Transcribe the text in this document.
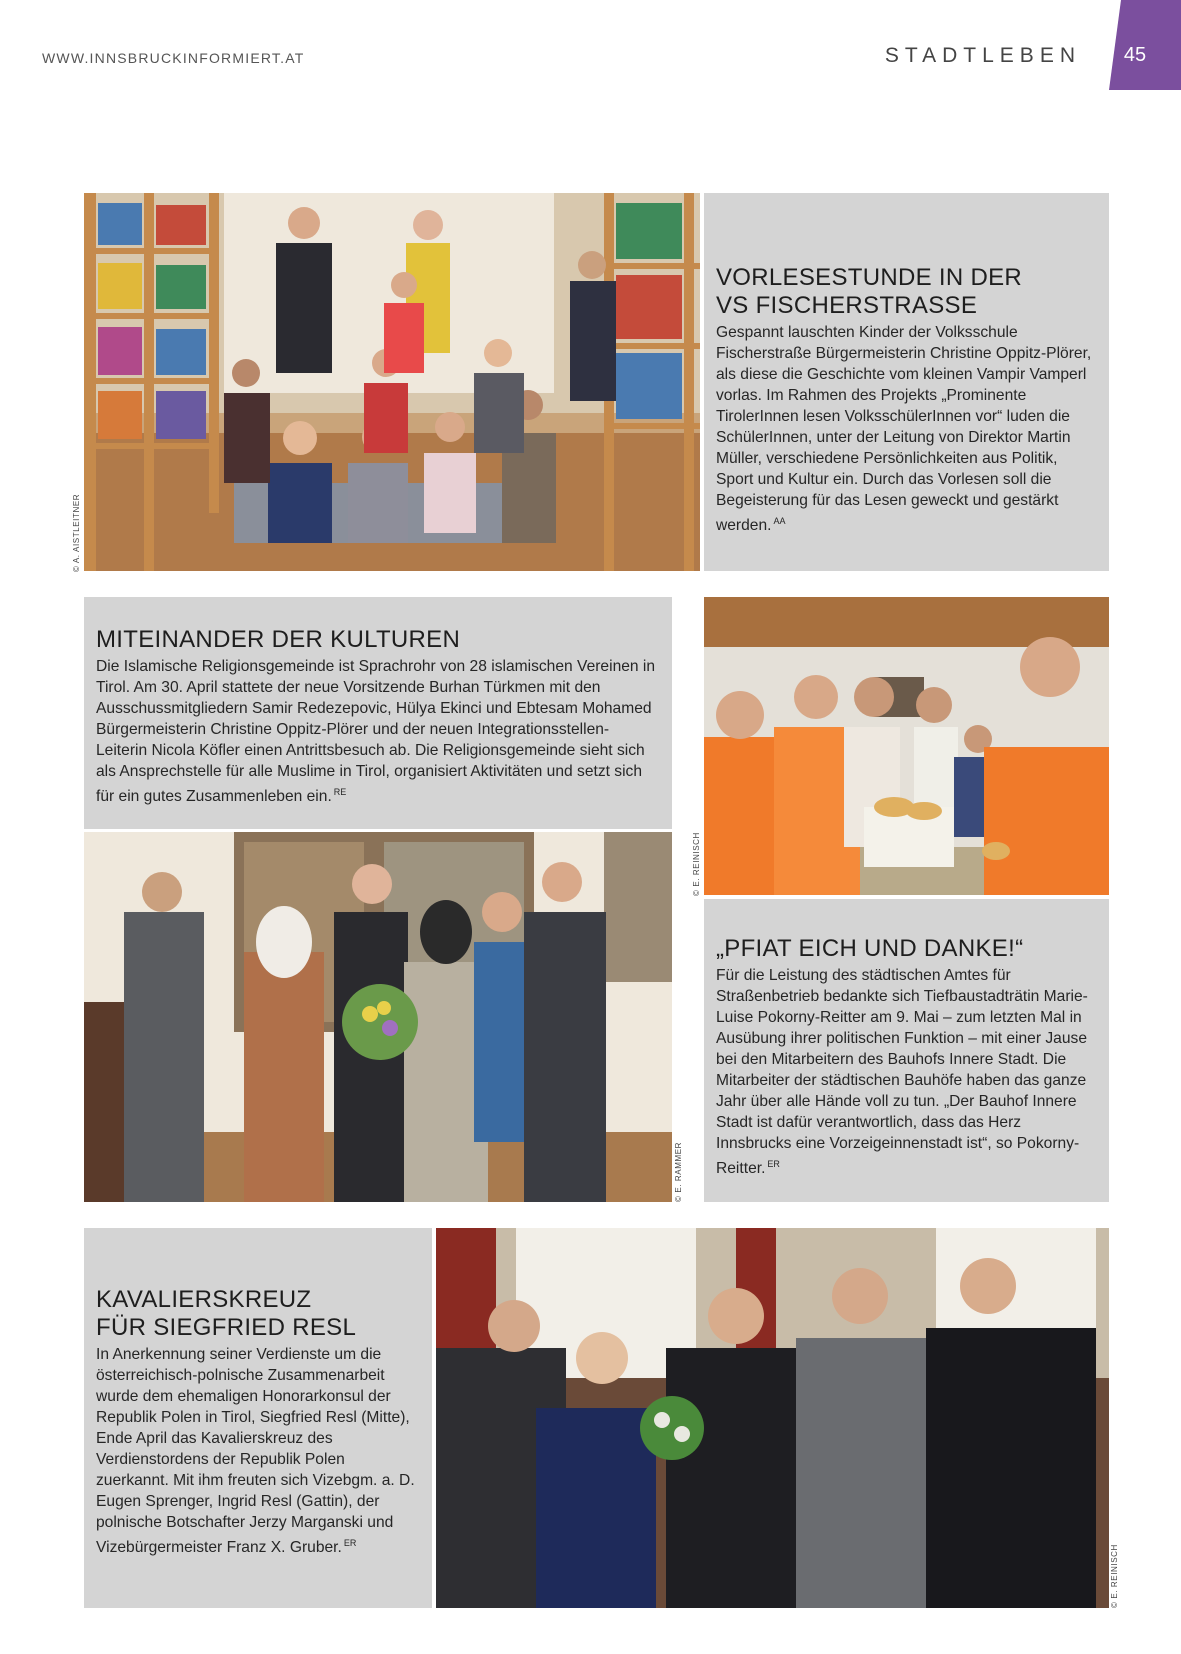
WWW.INNSBRUCKINFORMIERT.AT	STADTLEBEN	45
© A. AISTLEITNER
VORLESESTUNDE IN DER
VS FISCHERSTRASSE

Gespannt lauschten Kinder der Volksschule Fischerstraße Bürgermeisterin Christine Oppitz-Plörer, als diese die Geschichte vom kleinen Vampir Vamperl vorlas. Im Rahmen des Projekts „Prominente TirolerInnen lesen VolksschülerInnen vor“ luden die SchülerInnen, unter der Leitung von Direktor Martin Müller, verschiedene Persönlichkeiten aus Politik, Sport und Kultur ein. Durch das Vorlesen soll die Begeisterung für das Lesen geweckt und gestärkt werden. $^{AA}$

MITEINANDER DER KULTUREN

Die Islamische Religionsgemeinde ist Sprachrohr von 28 islamischen Vereinen in Tirol. Am 30. April stattete der neue Vorsitzende Burhan Türkmen mit den Ausschussmitgliedern Samir Redezepovic, Hülya Ekinci und Ebtesam Mohamed Bürgermeisterin Christine Oppitz-Plörer und der neuen Integrationsstellen-Leiterin Nicola Köfler einen Antrittsbesuch ab. Die Religionsgemeinde sieht sich als Ansprechstelle für alle Muslime in Tirol, organisiert Aktivitäten und setzt sich für ein gutes Zusammenleben ein. $^{RE}$

© E. RAMMER
© E. REINISCH
„PFIAT EICH UND DANKE!“

Für die Leistung des städtischen Amtes für Straßenbetrieb bedankte sich Tiefbaustadträtin Marie-Luise Pokorny-Reitter am 9. Mai – zum letzten Mal in Ausübung ihrer politischen Funktion – mit einer Jause bei den Mitarbeitern des Bauhofs Innere Stadt. Die Mitarbeiter der städtischen Bauhöfe haben das ganze Jahr über alle Hände voll zu tun. „Der Bauhof Innere Stadt ist dafür verantwortlich, dass das Herz Innsbrucks eine Vorzeigeinnenstadt ist“, so Pokorny-Reitter. $^{ER}$

KAVALIERSKREUZ
FÜR SIEGFRIED RESL

In Anerkennung seiner Verdienste um die österreichisch-polnische Zusammenarbeit wurde dem ehemaligen Honorarkonsul der Republik Polen in Tirol, Siegfried Resl (Mitte), Ende April das Kavalierskreuz des Verdienstordens der Republik Polen zuerkannt. Mit ihm freuten sich Vizebgm. a. D. Eugen Sprenger, Ingrid Resl (Gattin), der polnische Botschafter Jerzy Marganski und Vizebürgermeister Franz X. Gruber. $^{ER}$

© E. REINISCH
